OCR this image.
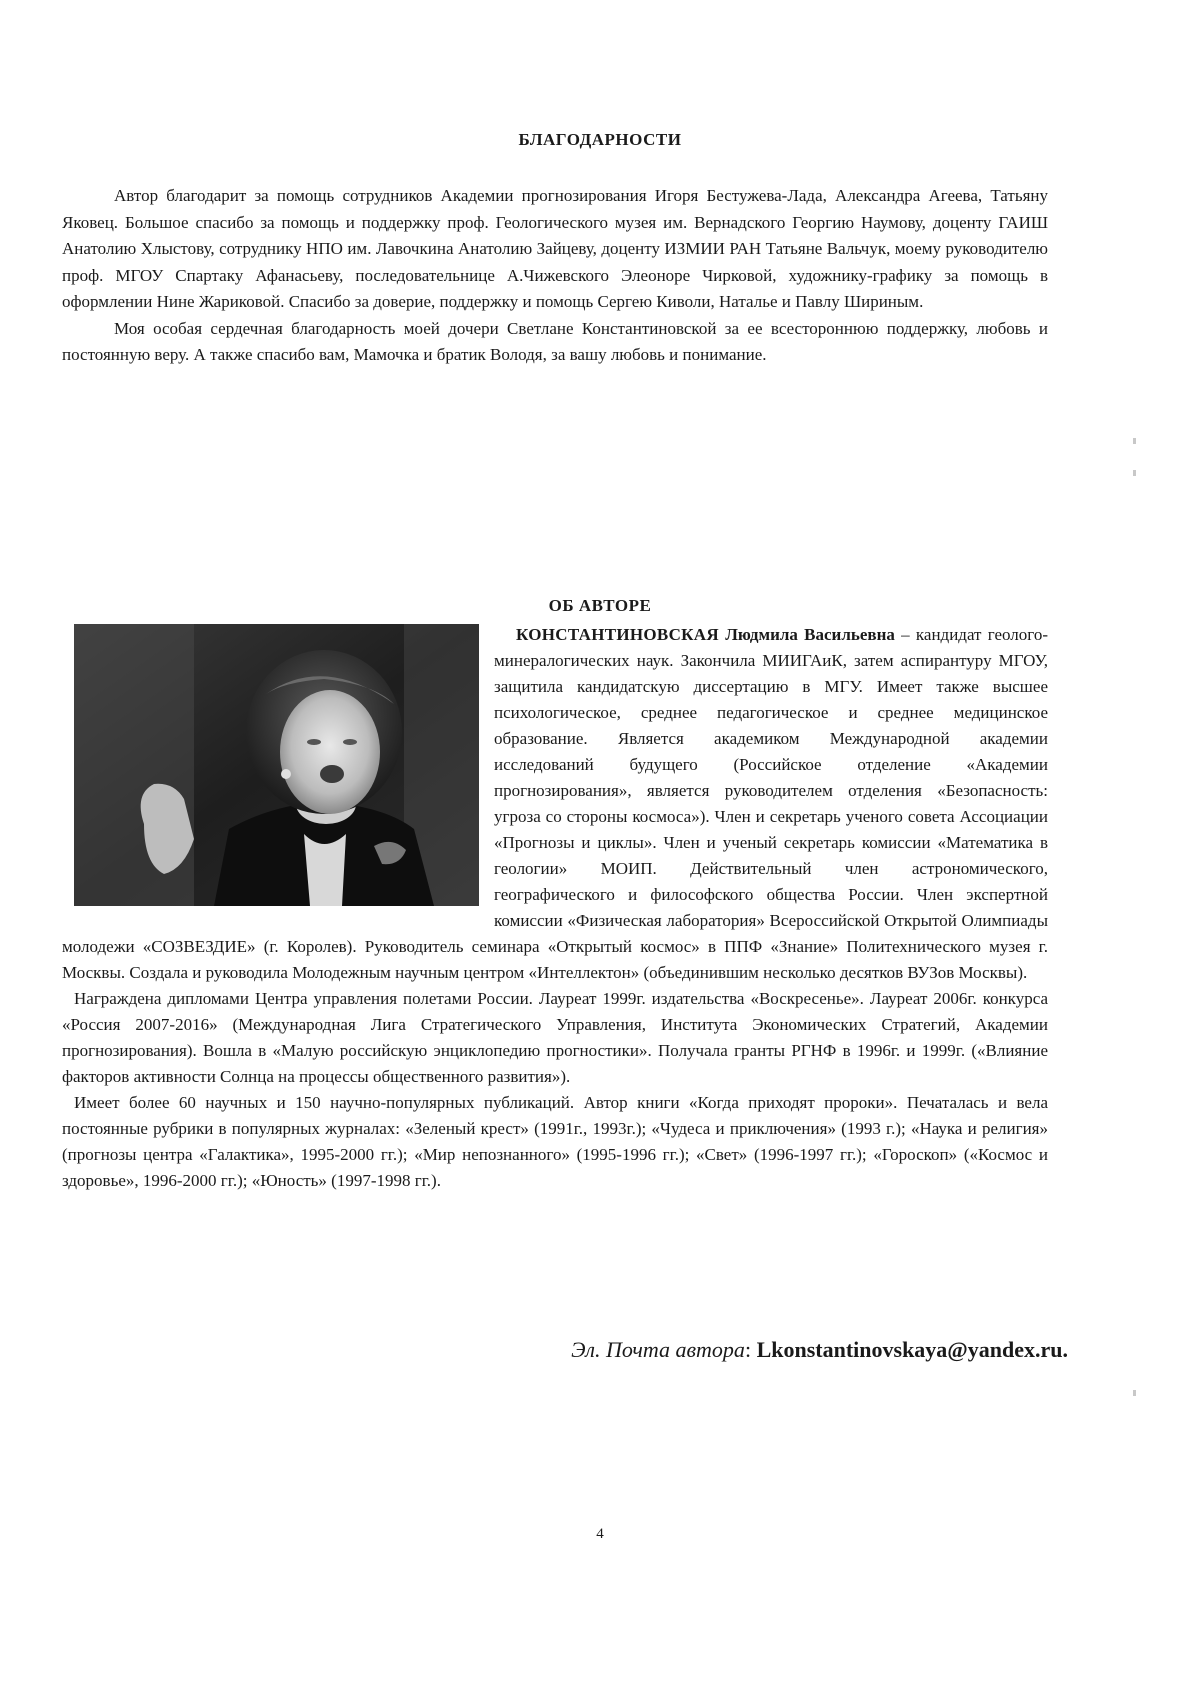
БЛАГОДАРНОСТИ

Автор благодарит за помощь сотрудников Академии прогнозирования Игоря Бестужева-Лада, Александра Агеева, Татьяну Яковец. Большое спасибо за помощь и поддержку проф. Геологического музея им. Вернадского Георгию Наумову, доценту ГАИШ Анатолию Хлыстову, сотруднику НПО им. Лавочкина Анатолию Зайцеву, доценту ИЗМИИ РАН Татьяне Вальчук, моему руководителю проф. МГОУ Спартаку Афанасьеву, последовательнице А.Чижевского Элеоноре Чирковой, художнику-графику за помощь в оформлении Нине Жариковой. Спасибо за доверие, поддержку и помощь Сергею Киволи, Наталье и Павлу Шириным.

Моя особая сердечная благодарность моей дочери Светлане Константиновской за ее всестороннюю поддержку, любовь и постоянную веру. А также спасибо вам, Мамочка и братик Володя, за вашу любовь и понимание.

ОБ АВТОРЕ

КОНСТАНТИНОВСКАЯ Людмила Васильевна
– кандидат геолого-минералогических наук. Закончила МИИГАиК, затем аспирантуру МГОУ, защитила кандидатскую диссертацию в МГУ. Имеет также высшее психологическое, среднее педагогическое и среднее медицинское образование. Является академиком Международной академии исследований будущего (Российское отделение «Академии прогнозирования», является руководителем отделения «Безопасность: угроза со стороны космоса»). Член и секретарь ученого совета Ассоциации «Прогнозы и циклы». Член и ученый секретарь комиссии «Математика в геологии» МОИП. Действительный член астрономического, географического и философского общества России. Член экспертной комиссии «Физическая лаборатория» Всероссийской Открытой Олимпиады молодежи «СОЗВЕЗДИЕ» (г. Королев). Руководитель семинара «Открытый космос» в ППФ «Знание» Политехнического музея г. Москвы. Создала и руководила Молодежным научным центром «Интеллектон» (объединившим несколько десятков ВУЗов Москвы).

Награждена дипломами Центра управления полетами России. Лауреат 1999г. издательства «Воскресенье». Лауреат 2006г. конкурса «Россия 2007-2016» (Международная Лига Стратегического Управления, Института Экономических Стратегий, Академии прогнозирования). Вошла в «Малую российскую энциклопедию прогностики». Получала гранты РГНФ в 1996г. и 1999г. («Влияние факторов активности Солнца на процессы общественного развития»).

Имеет более 60 научных и 150 научно-популярных публикаций. Автор книги «Когда приходят пророки». Печаталась и вела постоянные рубрики в популярных журналах: «Зеленый крест» (1991г., 1993г.); «Чудеса и приключения» (1993 г.); «Наука и религия» (прогнозы центра «Галактика», 1995-2000 гг.); «Мир непознанного» (1995-1996 гг.); «Свет» (1996-1997 гг.); «Гороскоп» («Космос и здоровье», 1996-2000 гг.); «Юность» (1997-1998 гг.).

Эл. Почта автора: Lkonstantinovskaya@yandex.ru.
4
